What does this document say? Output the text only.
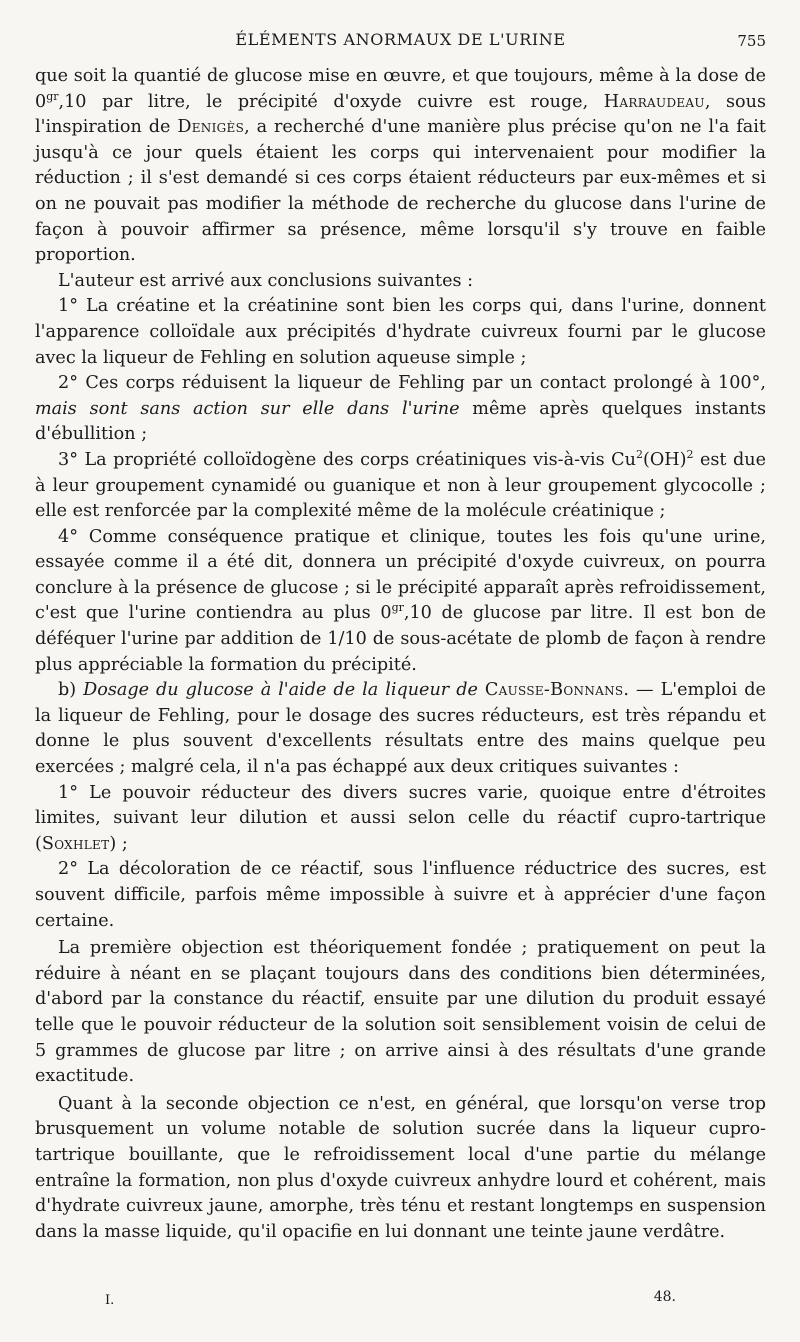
ÉLÉMENTS ANORMAUX DE L'URINE	755

que soit la quantié de glucose mise en œuvre, et que toujours, même à la dose de $0^{gr},10$ par litre, le précipité d'oxyde cuivre est rouge, Harraudeau, sous l'inspiration de Denigès, a recherché d'une manière plus précise qu'on ne l'a fait jusqu'à ce jour quels étaient les corps qui intervenaient pour modifier la réduction ; il s'est demandé si ces corps étaient réducteurs par eux-mêmes et si on ne pouvait pas modifier la méthode de recherche du glucose dans l'urine de façon à pouvoir affirmer sa présence, même lorsqu'il s'y trouve en faible proportion.

L'auteur est arrivé aux conclusions suivantes :

1° La créatine et la créatinine sont bien les corps qui, dans l'urine, donnent l'apparence colloïdale aux précipités d'hydrate cuivreux fourni par le glucose avec la liqueur de Fehling en solution aqueuse simple ;

2° Ces corps réduisent la liqueur de Fehling par un contact prolongé à 100°, mais sont sans action sur elle dans l'urine même après quelques instants d'ébullition ;

3° La propriété colloïdogène des corps créatiniques vis-à-vis Cu$^2$(OH)$^2$ est due à leur groupement cynamidé ou guanique et non à leur groupement glycocolle ; elle est renforcée par la complexité même de la molécule créatinique ;

4° Comme conséquence pratique et clinique, toutes les fois qu'une urine, essayée comme il a été dit, donnera un précipité d'oxyde cuivreux, on pourra conclure à la présence de glucose ; si le précipité apparaît après refroidissement, c'est que l'urine contiendra au plus $0^{gr},10$ de glucose par litre. Il est bon de déféquer l'urine par addition de 1/10 de sous-acétate de plomb de façon à rendre plus appréciable la formation du précipité.

b) Dosage du glucose à l'aide de la liqueur de Causse-Bonnans. — L'emploi de la liqueur de Fehling, pour le dosage des sucres réducteurs, est très répandu et donne le plus souvent d'excellents résultats entre des mains quelque peu exercées ; malgré cela, il n'a pas échappé aux deux critiques suivantes :

1° Le pouvoir réducteur des divers sucres varie, quoique entre d'étroites limites, suivant leur dilution et aussi selon celle du réactif cupro-tartrique (Soxhlet) ;

2° La décoloration de ce réactif, sous l'influence réductrice des sucres, est souvent difficile, parfois même impossible à suivre et à apprécier d'une façon certaine.

La première objection est théoriquement fondée ; pratiquement on peut la réduire à néant en se plaçant toujours dans des conditions bien déterminées, d'abord par la constance du réactif, ensuite par une dilution du produit essayé telle que le pouvoir réducteur de la solution soit sensiblement voisin de celui de 5 grammes de glucose par litre ; on arrive ainsi à des résultats d'une grande exactitude.

Quant à la seconde objection ce n'est, en général, que lorsqu'on verse trop brusquement un volume notable de solution sucrée dans la liqueur cupro-tartrique bouillante, que le refroidissement local d'une partie du mélange entraîne la formation, non plus d'oxyde cuivreux anhydre lourd et cohérent, mais d'hydrate cuivreux jaune, amorphe, très ténu et restant longtemps en suspension dans la masse liquide, qu'il opacifie en lui donnant une teinte jaune verdâtre.

I.	48.
